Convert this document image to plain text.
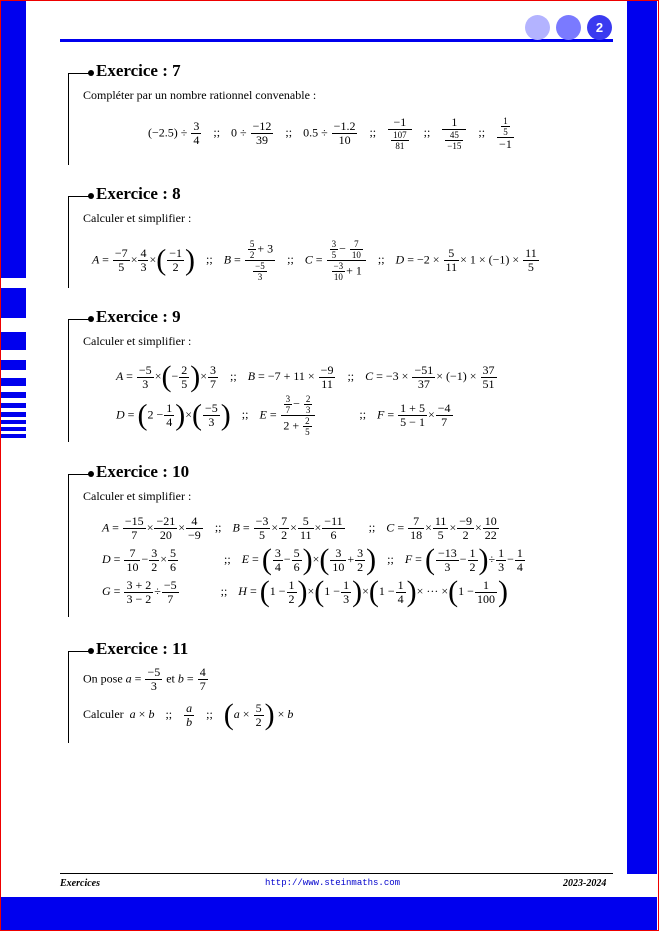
2
Exercice : 7
Compléter par un nombre rationnel convenable :
$(-2.5) \div \frac{3}{4}$ ;; $0 \div \frac{-12}{39}$ ;; $0.5 \div \frac{-1.2}{10}$ ;; $\frac{-1}{\frac{107}{81}}$ ;; $\frac{1}{\frac{45}{-15}}$ ;; $\frac{\frac{1}{5}}{-1}$
Exercice : 8
Calculer et simplifier :
$A = \frac{-7}{5} \times \frac{4}{3}$ ×( $\frac{-1}{2}$ ) ;; $B = \frac{\frac{5}{2} + 3}{\frac{-5}{3}}$ ;; $C = \frac{\frac{3}{5} - \frac{7}{10}}{\frac{-3}{10} + 1}$ ;; $D = -2 \times \frac{5}{11} \times 1 \times (-1) \times \frac{11}{5}$
Exercice : 9
Calculer et simplifier :
$A = \frac{-5}{3}$ ×(− $\frac{2}{5}$ )× $\frac{3}{7}$ ;; $B = -7 + 11 \times \frac{-9}{11}$ ;; $C = -3 \times \frac{-51}{37} \times (-1) \times \frac{37}{51}$
$D = (2 - \frac{1}{4}$ )×( $\frac{-5}{3}$ ) ;; $E = \frac{\frac{3}{7} - \frac{2}{3}}{2 + \frac{2}{5}}$	;; $F = \frac{1 + 5}{5 - 1} \times \frac{-4}{7}$
Exercice : 10
Calculer et simplifier :
$A = \frac{-15}{7} \times \frac{-21}{20} \times \frac{4}{-9}$ ;; $B = \frac{-3}{5} \times \frac{7}{2} \times \frac{5}{11} \times \frac{-11}{6}$ ;; $C = \frac{7}{18} \times \frac{11}{5} \times \frac{-9}{2} \times \frac{10}{22}$
$D = \frac{7}{10} - \frac{3}{2} \times \frac{5}{6}$	;; E = ( $\frac{3}{4} - \frac{5}{6}$ )×( $\frac{3}{10} + \frac{3}{2}$ ) ;; F = ( $\frac{-13}{3} - \frac{1}{2}$ )÷ $\frac{1}{3} - \frac{1}{4}$
$G = \frac{3 + 2}{3 - 2} \div \frac{-5}{7}$	;; $H = (1 - \frac{1}{2} )\times(1 - \frac{1}{3} )\times(1 - \frac{1}{4}$ )× ··· $\times(1 - \frac{1}{100}$ )
Exercice : 11
On pose $a = \frac{-5}{3}$ et $b = \frac{4}{7}$
Calculer a × b ;; $\frac{a}{b}$ ;; ($a \times \frac{5}{2}$ ) × b
Exercices	http://www.steinmaths.com	2023-2024
